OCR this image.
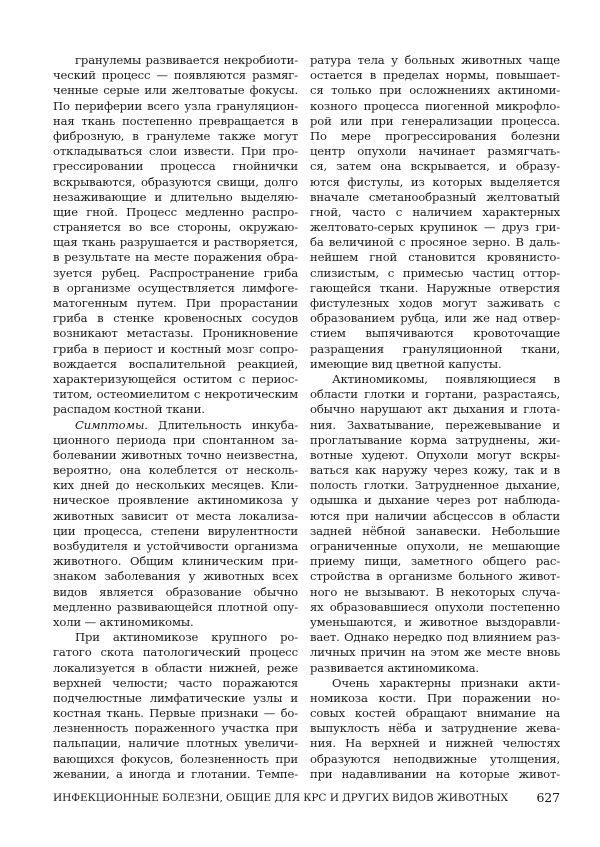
гранулемы развивается некробиоти-
ческий процесс — появляются размяг-
ченные серые или желтоватые фокусы.
По периферии всего узла грануляцион-
ная ткань постепенно превращается в
фиброзную, в гранулеме также могут
откладываться слои извести. При про-
грессировании процесса гнойнички
вскрываются, образуются свищи, долго
незаживающие и длительно выделяю-
щие гной. Процесс медленно распро-
страняется во все стороны, окружаю-
щая ткань разрушается и растворяется,
в результате на месте поражения обра-
зуется рубец. Распространение гриба
в организме осуществляется лимфоге-
матогенным путем. При прорастании
гриба в стенке кровеносных сосудов
возникают метастазы. Проникновение
гриба в периост и костный мозг сопро-
вождается воспалительной реакцией,
характеризующейся оститом с периос-
титом, остеомиелитом с некротическим
распадом костной ткани.
Симптомы. Длительность инкуба-
ционного периода при спонтанном за-
болевании животных точно неизвестна,
вероятно, она колеблется от несколь-
ких дней до нескольких месяцев. Кли-
ническое проявление актиномикоза у
животных зависит от места локализа-
ции процесса, степени вирулентности
возбудителя и устойчивости организма
животного. Общим клиническим при-
знаком заболевания у животных всех
видов является образование обычно
медленно развивающейся плотной опу-
холи — актиномикомы.
При актиномикозе крупного ро-
гатого скота патологический процесс
локализуется в области нижней, реже
верхней челюсти; часто поражаются
подчелюстные лимфатические узлы и
костная ткань. Первые признаки — бо-
лезненность пораженного участка при
пальпации, наличие плотных увеличи-
вающихся фокусов, болезненность при
жевании, а иногда и глотании. Темпе-
ратура тела у больных животных чаще
остается в пределах нормы, повышает-
ся только при осложнениях актиноми-
козного процесса пиогенной микрофло-
рой или при генерализации процесса.
По мере прогрессирования болезни
центр опухоли начинает размягчать-
ся, затем она вскрывается, и образу-
ются фистулы, из которых выделяется
вначале сметанообразный желтоватый
гной, часто с наличием характерных
желтовато-серых крупинок — друз гри-
ба величиной с просяное зерно. В даль-
нейшем гной становится кровянисто-
слизистым, с примесью частиц оттор-
гающейся ткани. Наружные отверстия
фистулезных ходов могут заживать с
образованием рубца, или же над отвер-
стием выпячиваются кровоточащие
разращения грануляционной ткани,
имеющие вид цветной капусты.
Актиномикомы, появляющиеся в
области глотки и гортани, разрастаясь,
обычно нарушают акт дыхания и глота-
ния. Захватывание, пережевывание и
проглатывание корма затруднены, жи-
вотные худеют. Опухоли могут вскры-
ваться как наружу через кожу, так и в
полость глотки. Затрудненное дыхание,
одышка и дыхание через рот наблюда-
ются при наличии абсцессов в области
задней нёбной занавески. Небольшие
ограниченные опухоли, не мешающие
приему пищи, заметного общего рас-
стройства в организме больного живот-
ного не вызывают. В некоторых случа-
ях образовавшиеся опухоли постепенно
уменьшаются, и животное выздоравли-
вает. Однако нередко под влиянием раз-
личных причин на этом же месте вновь
развивается актиномикома.
Очень характерны признаки акти-
номикоза кости. При поражении но-
совых костей обращают внимание на
выпуклость нёба и затруднение жева-
ния. На верхней и нижней челюстях
образуются неподвижные утолщения,
при надавливании на которые живот-
ИНФЕКЦИОННЫЕ БОЛЕЗНИ, ОБЩИЕ ДЛЯ КРС И ДРУГИХ ВИДОВ ЖИВОТНЫХ 627
